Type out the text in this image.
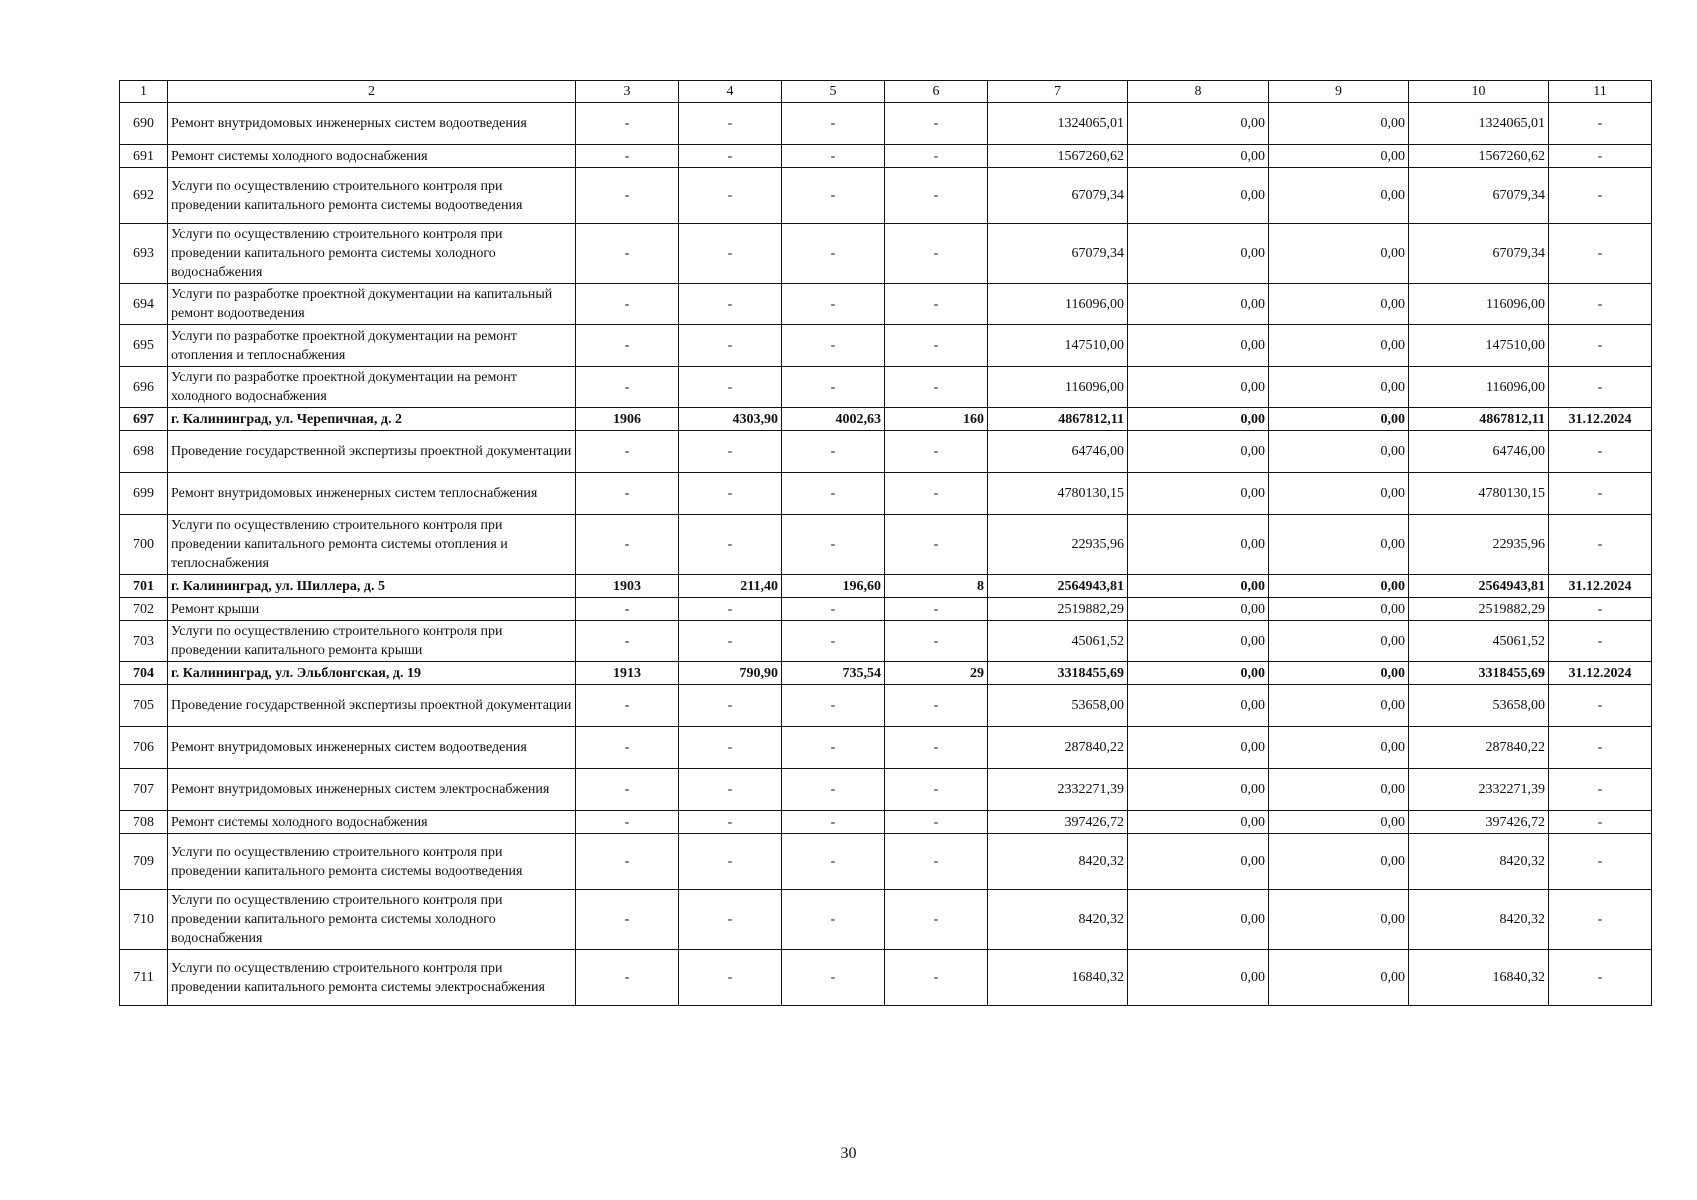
1	2	3	4	5	6	7	8	9	10	11
690	Ремонт внутридомовых инженерных систем водоотведения	-	-	-	-	1324065,01	0,00	0,00	1324065,01	-
691	Ремонт системы холодного водоснабжения	-	-	-	-	1567260,62	0,00	0,00	1567260,62	-
692	Услуги по осуществлению строительного контроля при проведении капитального ремонта системы водоотведения	-	-	-	-	67079,34	0,00	0,00	67079,34	-
693	Услуги по осуществлению строительного контроля при проведении капитального ремонта системы холодного водоснабжения	-	-	-	-	67079,34	0,00	0,00	67079,34	-
694	Услуги по разработке проектной документации на капитальный ремонт водоотведения	-	-	-	-	116096,00	0,00	0,00	116096,00	-
695	Услуги по разработке проектной документации на ремонт отопления и теплоснабжения	-	-	-	-	147510,00	0,00	0,00	147510,00	-
696	Услуги по разработке проектной документации на ремонт холодного водоснабжения	-	-	-	-	116096,00	0,00	0,00	116096,00	-
697	г. Калининград, ул. Черепичная, д. 2	1906	4303,90	4002,63	160	4867812,11	0,00	0,00	4867812,11	31.12.2024
698	Проведение государственной экспертизы проектной документации	-	-	-	-	64746,00	0,00	0,00	64746,00	-
699	Ремонт внутридомовых инженерных систем теплоснабжения	-	-	-	-	4780130,15	0,00	0,00	4780130,15	-
700	Услуги по осуществлению строительного контроля при проведении капитального ремонта системы отопления и теплоснабжения	-	-	-	-	22935,96	0,00	0,00	22935,96	-
701	г. Калининград, ул. Шиллера, д. 5	1903	211,40	196,60	8	2564943,81	0,00	0,00	2564943,81	31.12.2024
702	Ремонт крыши	-	-	-	-	2519882,29	0,00	0,00	2519882,29	-
703	Услуги по осуществлению строительного контроля при проведении капитального ремонта крыши	-	-	-	-	45061,52	0,00	0,00	45061,52	-
704	г. Калининград, ул. Эльблонгская, д. 19	1913	790,90	735,54	29	3318455,69	0,00	0,00	3318455,69	31.12.2024
705	Проведение государственной экспертизы проектной документации	-	-	-	-	53658,00	0,00	0,00	53658,00	-
706	Ремонт внутридомовых инженерных систем водоотведения	-	-	-	-	287840,22	0,00	0,00	287840,22	-
707	Ремонт внутридомовых инженерных систем электроснабжения	-	-	-	-	2332271,39	0,00	0,00	2332271,39	-
708	Ремонт системы холодного водоснабжения	-	-	-	-	397426,72	0,00	0,00	397426,72	-
709	Услуги по осуществлению строительного контроля при проведении капитального ремонта системы водоотведения	-	-	-	-	8420,32	0,00	0,00	8420,32	-
710	Услуги по осуществлению строительного контроля при проведении капитального ремонта системы холодного водоснабжения	-	-	-	-	8420,32	0,00	0,00	8420,32	-
711	Услуги по осуществлению строительного контроля при проведении капитального ремонта системы электроснабжения	-	-	-	-	16840,32	0,00	0,00	16840,32	-
30
